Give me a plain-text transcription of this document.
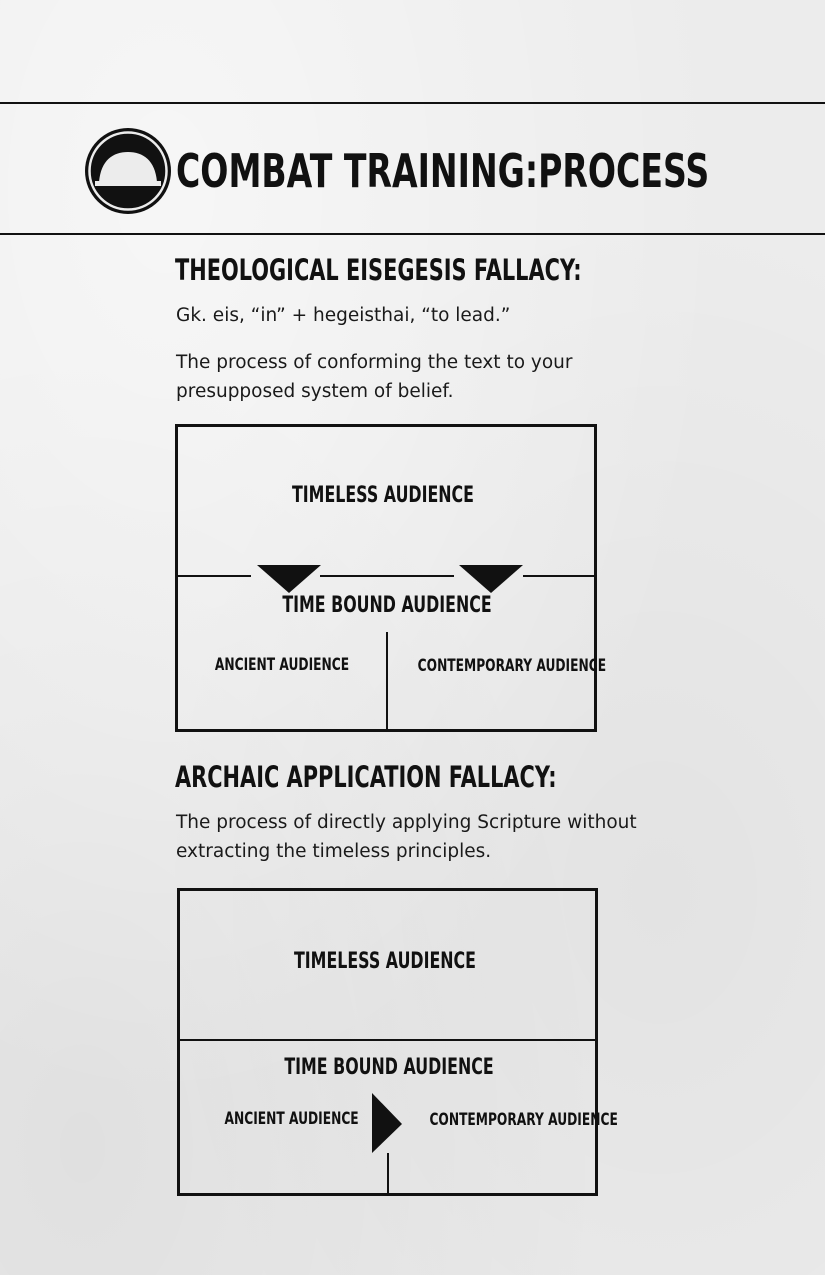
COMBAT TRAINING:PROCESS
THEOLOGICAL EISEGESIS FALLACY:
Gk. eis, “in” + hegeisthai, “to lead.”
The process of conforming the text to your
presupposed system of belief.
TIMELESS AUDIENCE
TIME BOUND AUDIENCE
ANCIENT AUDIENCE	CONTEMPORARY AUDIENCE
ARCHAIC APPLICATION FALLACY:
The process of directly applying Scripture without
extracting the timeless principles.
TIMELESS AUDIENCE
TIME BOUND AUDIENCE
ANCIENT AUDIENCE	CONTEMPORARY AUDIENCE
